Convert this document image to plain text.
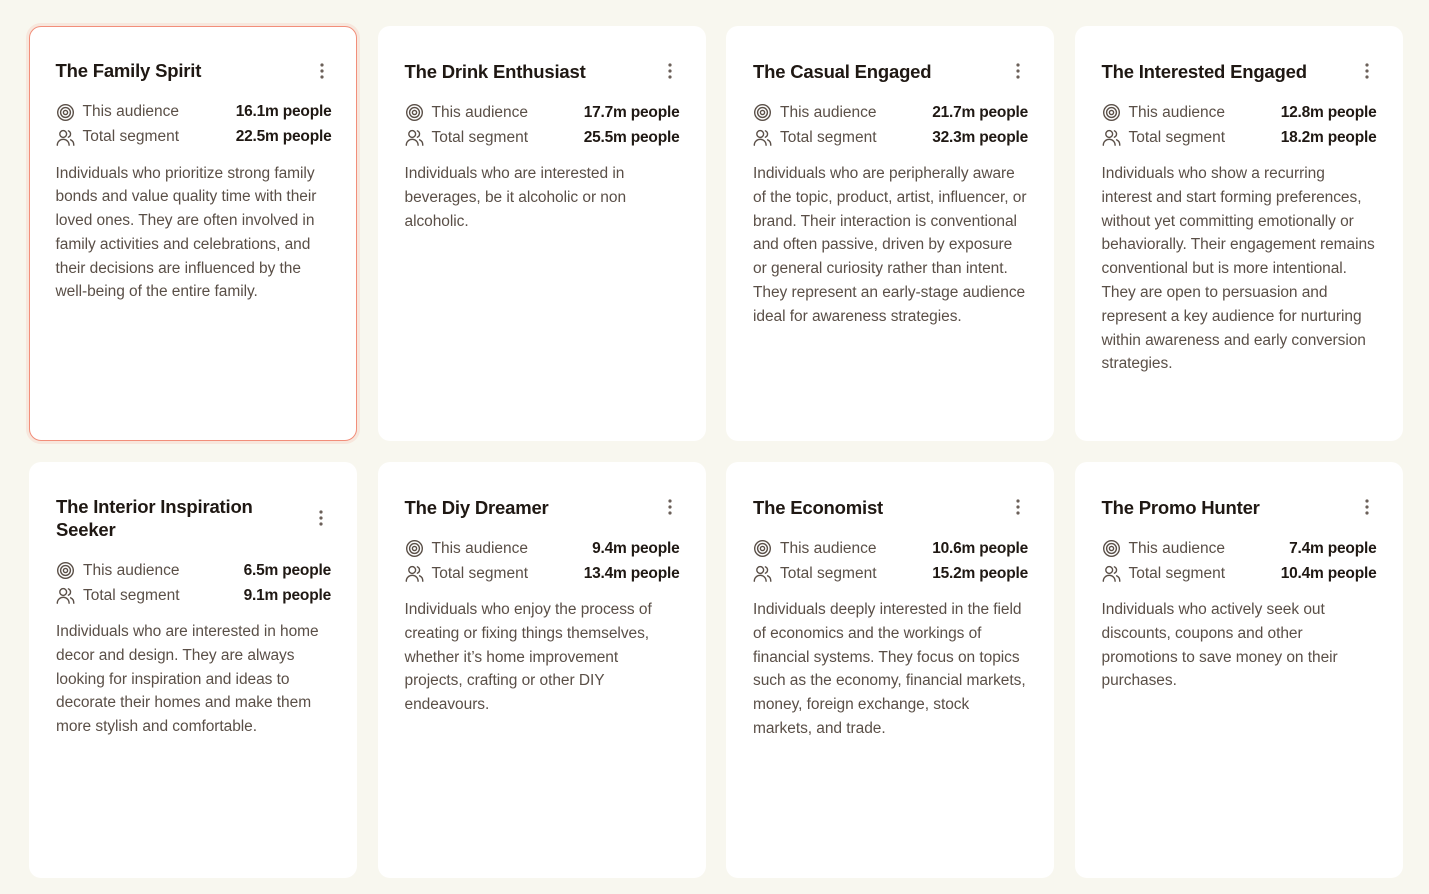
The Family Spirit
This audience	16.1m people
Total segment	22.5m people
Individuals who prioritize strong family bonds and value quality time with their loved ones. They are often involved in family activities and celebrations, and their decisions are influenced by the well-being of the entire family.
The Drink Enthusiast
This audience	17.7m people
Total segment	25.5m people
Individuals who are interested in beverages, be it alcoholic or non alcoholic.
The Casual Engaged
This audience	21.7m people
Total segment	32.3m people
Individuals who are peripherally aware of the topic, product, artist, influencer, or brand. Their interaction is conventional and often passive, driven by exposure or general curiosity rather than intent. They represent an early-stage audience ideal for awareness strategies.
The Interested Engaged
This audience	12.8m people
Total segment	18.2m people
Individuals who show a recurring interest and start forming preferences, without yet committing emotionally or behaviorally. Their engagement remains conventional but is more intentional. They are open to persuasion and represent a key audience for nurturing within awareness and early conversion strategies.
The Interior Inspiration Seeker
This audience	6.5m people
Total segment	9.1m people
Individuals who are interested in home decor and design. They are always looking for inspiration and ideas to decorate their homes and make them more stylish and comfortable.
The Diy Dreamer
This audience	9.4m people
Total segment	13.4m people
Individuals who enjoy the process of creating or fixing things themselves, whether it’s home improvement projects, crafting or other DIY endeavours.
The Economist
This audience	10.6m people
Total segment	15.2m people
Individuals deeply interested in the field of economics and the workings of financial systems. They focus on topics such as the economy, financial markets, money, foreign exchange, stock markets, and trade.
The Promo Hunter
This audience	7.4m people
Total segment	10.4m people
Individuals who actively seek out discounts, coupons and other promotions to save money on their purchases.
